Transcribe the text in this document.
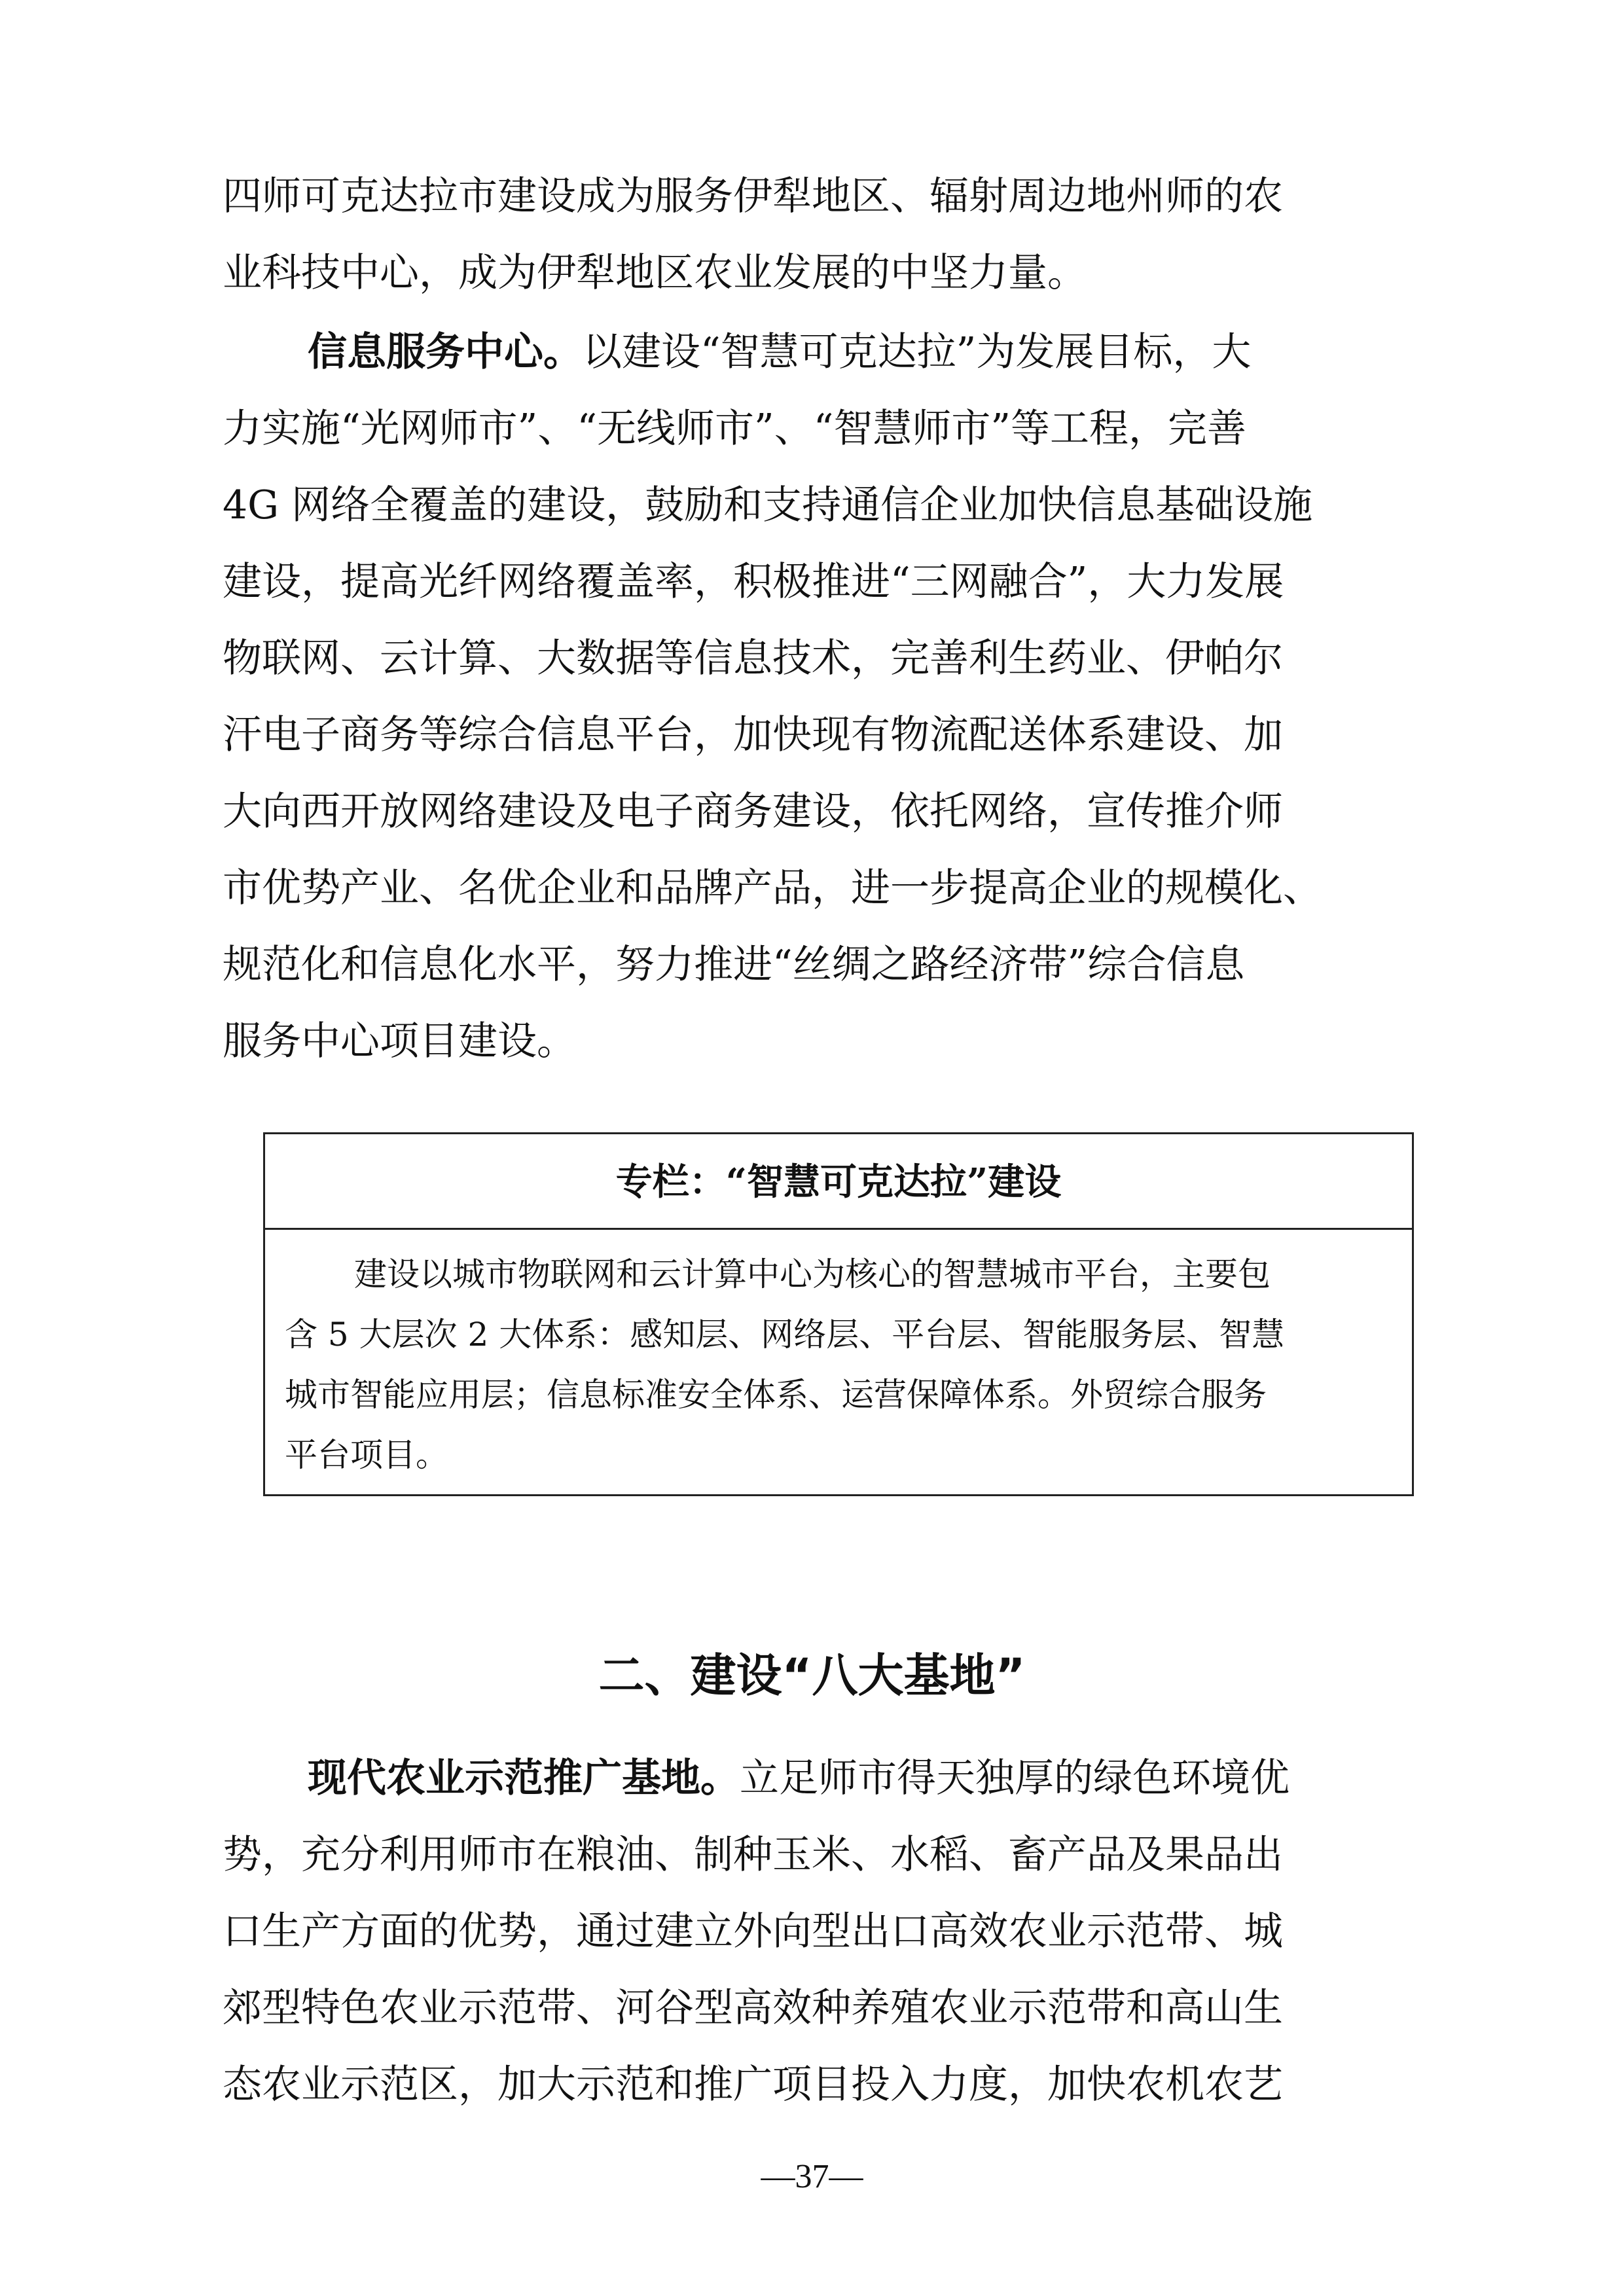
四师可克达拉市建设成为服务伊犁地区、辐射周边地州师的农
业科技中心，成为伊犁地区农业发展的中坚力量。
信息服务中心。以建设“智慧可克达拉”为发展目标，大
力实施“光网师市”、“无线师市”、“智慧师市”等工程，完善
4G 网络全覆盖的建设，鼓励和支持通信企业加快信息基础设施
建设，提高光纤网络覆盖率，积极推进“三网融合”，大力发展
物联网、云计算、大数据等信息技术，完善利生药业、伊帕尔
汗电子商务等综合信息平台，加快现有物流配送体系建设、加
大向西开放网络建设及电子商务建设，依托网络，宣传推介师
市优势产业、名优企业和品牌产品，进一步提高企业的规模化、
规范化和信息化水平，努力推进“丝绸之路经济带”综合信息
服务中心项目建设。
专栏：“智慧可克达拉”建设
建设以城市物联网和云计算中心为核心的智慧城市平台，主要包
含 5 大层次 2 大体系：感知层、网络层、平台层、智能服务层、智慧
城市智能应用层；信息标准安全体系、运营保障体系。外贸综合服务
平台项目。
二、建设“八大基地”
现代农业示范推广基地。立足师市得天独厚的绿色环境优
势，充分利用师市在粮油、制种玉米、水稻、畜产品及果品出
口生产方面的优势，通过建立外向型出口高效农业示范带、城
郊型特色农业示范带、河谷型高效种养殖农业示范带和高山生
态农业示范区，加大示范和推广项目投入力度，加快农机农艺
—37—
